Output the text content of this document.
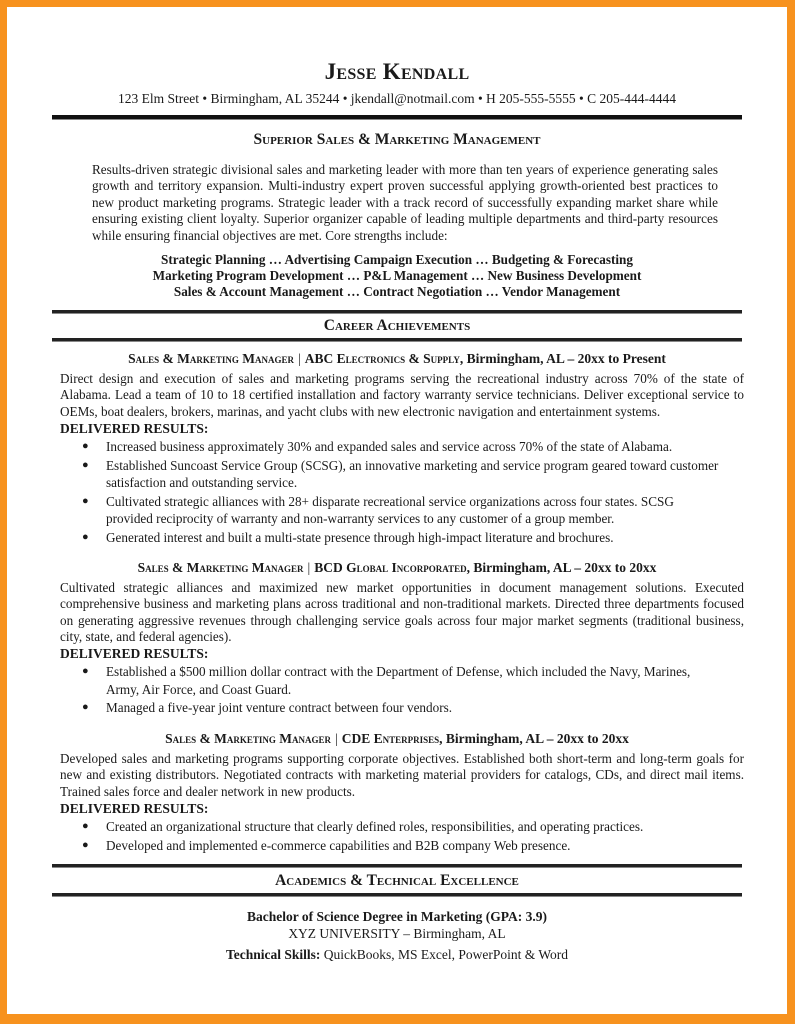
Jesse Kendall
123 Elm Street • Birmingham, AL 35244 • jkendall@notmail.com • H 205-555-5555 • C 205-444-4444
Superior Sales & Marketing Management
Results-driven strategic divisional sales and marketing leader with more than ten years of experience generating sales growth and territory expansion. Multi-industry expert proven successful applying growth-oriented best practices to new product marketing programs. Strategic leader with a track record of successfully expanding market share while ensuring existing client loyalty. Superior organizer capable of leading multiple departments and third-party resources while ensuring financial objectives are met. Core strengths include:
Strategic Planning … Advertising Campaign Execution … Budgeting & Forecasting
Marketing Program Development … P&L Management … New Business Development
Sales & Account Management … Contract Negotiation … Vendor Management
Career Achievements
Sales & Marketing Manager | ABC Electronics & Supply, Birmingham, AL – 20xx to Present
Direct design and execution of sales and marketing programs serving the recreational industry across 70% of the state of Alabama. Lead a team of 10 to 18 certified installation and factory warranty service technicians. Deliver exceptional service to OEMs, boat dealers, brokers, marinas, and yacht clubs with new electronic navigation and entertainment systems.
DELIVERED RESULTS:
● Increased business approximately 30% and expanded sales and service across 70% of the state of Alabama.
● Established Suncoast Service Group (SCSG), an innovative marketing and service program geared toward customer satisfaction and outstanding service.
● Cultivated strategic alliances with 28+ disparate recreational service organizations across four states. SCSG provided reciprocity of warranty and non-warranty services to any customer of a group member.
● Generated interest and built a multi-state presence through high-impact literature and brochures.
Sales & Marketing Manager | BCD Global Incorporated, Birmingham, AL – 20xx to 20xx
Cultivated strategic alliances and maximized new market opportunities in document management solutions. Executed comprehensive business and marketing plans across traditional and non-traditional markets. Directed three departments focused on generating aggressive revenues through challenging service goals across four major market segments (traditional business, city, state, and federal agencies).
DELIVERED RESULTS:
● Established a $500 million dollar contract with the Department of Defense, which included the Navy, Marines, Army, Air Force, and Coast Guard.
● Managed a five-year joint venture contract between four vendors.
Sales & Marketing Manager | CDE Enterprises, Birmingham, AL – 20xx to 20xx
Developed sales and marketing programs supporting corporate objectives. Established both short-term and long-term goals for new and existing distributors. Negotiated contracts with marketing material providers for catalogs, CDs, and direct mail items. Trained sales force and dealer network in new products.
DELIVERED RESULTS:
● Created an organizational structure that clearly defined roles, responsibilities, and operating practices.
● Developed and implemented e-commerce capabilities and B2B company Web presence.
Academics & Technical Excellence
Bachelor of Science Degree in Marketing (GPA: 3.9)
XYZ UNIVERSITY – Birmingham, AL
Technical Skills: QuickBooks, MS Excel, PowerPoint & Word
